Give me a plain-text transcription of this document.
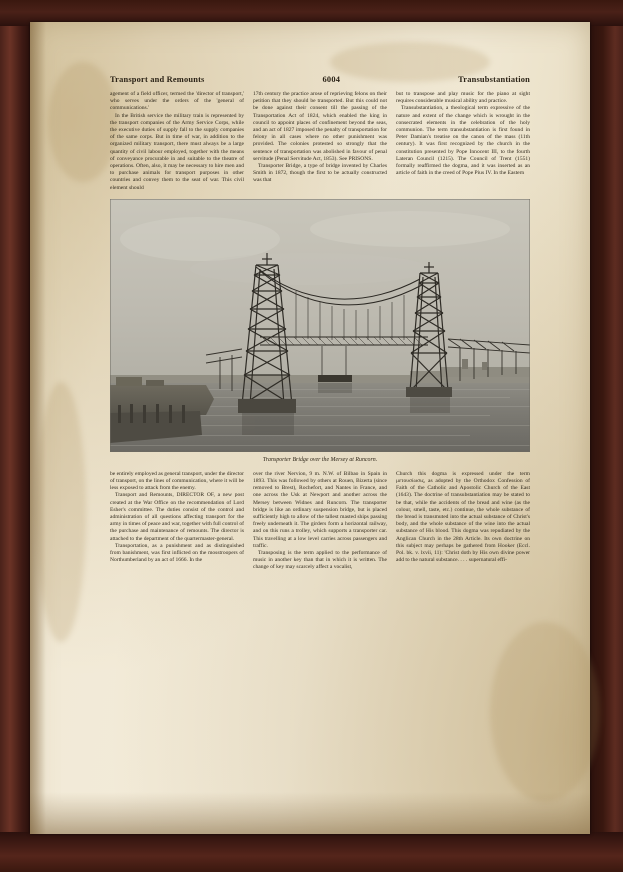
Transport and Remounts	6004	Transubstantiation

agement of a field officer, termed the 'director of transport,' who serves under the orders of the 'general of communications.'

In the British service the military train is represented by the transport companies of the Army Service Corps, while the executive duties of supply fall to the supply companies of the same corps. But in time of war, in addition to the organized military transport, there must always be a large quantity of civil labour employed, together with the means of conveyance procurable in and suitable to the theatre of operations. Often, also, it may be necessary to hire men and to purchase animals for transport purposes in other countries and convey them to the seat of war. This civil element should

17th century the practice arose of reprieving felons on their petition that they should be transported. But this could not be done against their consent till the passing of the Transportation Act of 1824, which enabled the king in council to appoint places of confinement beyond the seas, and an act of 1827 imposed the penalty of transportation for felony in all cases where no other punishment was provided. The colonies protested so strongly that the sentence of transportation was abolished in favour of penal servitude (Penal Servitude Act, 1853). See PRISONS.

Transporter Bridge, a type of bridge invented by Charles Smith in 1872, though the first to be actually constructed was that

but to transpose and play music for the piano at sight requires considerable musical ability and practice.

Transubstantiation, a theological term expressive of the nature and extent of the change which is wrought in the consecrated elements in the celebration of the holy communion. The term transubstantiation is first found in Peter Damian's treatise on the canon of the mass (11th century). It was first recognized by the church in the constitution presented by Pope Innocent III, to the fourth Lateran Council (1215). The Council of Trent (1551) formally reaffirmed the dogma, and it was inserted as an article of faith in the creed of Pope Pius IV. In the Eastern

Transporter Bridge over the Mersey at Runcorn.

be entirely employed as general transport, under the director of transport, on the lines of communication, where it will be less exposed to attack from the enemy.

Transport and Remounts, DIRECTOR OF, a new post created at the War Office on the recommendation of Lord Esher's committee. The duties consist of the control and administration of all questions affecting transport for the army in times of peace and war, together with full control of the purchase and maintenance of remounts. The director is attached to the department of the quartermaster-general.

Transportation, as a punishment and as distinguished from banishment, was first inflicted on the mosstroopers of Northumberland by an act of 1666. In the

over the river Nervion, 9 m. N.W. of Bilbao in Spain in 1893. This was followed by others at Rouen, Bizerta (since removed to Brest), Rochefort, and Nantes in France, and one across the Usk at Newport and another across the Mersey between Widnes and Runcorn. The transporter bridge is like an ordinary suspension bridge, but is placed sufficiently high to allow of the tallest masted ships passing freely underneath it. The girders form a horizontal railway, and on this runs a trolley, which supports a transporter car. This travelling at a low level carries across passengers and traffic.

Transposing is the term applied to the performance of music in another key than that in which it is written. The change of key may scarcely affect a vocalist,

Church this dogma is expressed under the term μετουσίωσις, as adopted by the Orthodox Confession of Faith of the Catholic and Apostolic Church of the East (1643). The doctrine of transubstantiation may be stated to be that, while the accidents of the bread and wine (as the colour, smell, taste, etc.) continue, the whole substance of the bread is transmuted into the actual substance of Christ's body, and the whole substance of the wine into the actual substance of His blood. This dogma was repudiated by the Anglican Church in the 28th Article. Its own doctrine on this subject may perhaps be gathered from Hooker (Eccl. Pol. bk. v. lxvii, 11): 'Christ doth by His own divine power add to the natural substance. . . . supernatural effi-
